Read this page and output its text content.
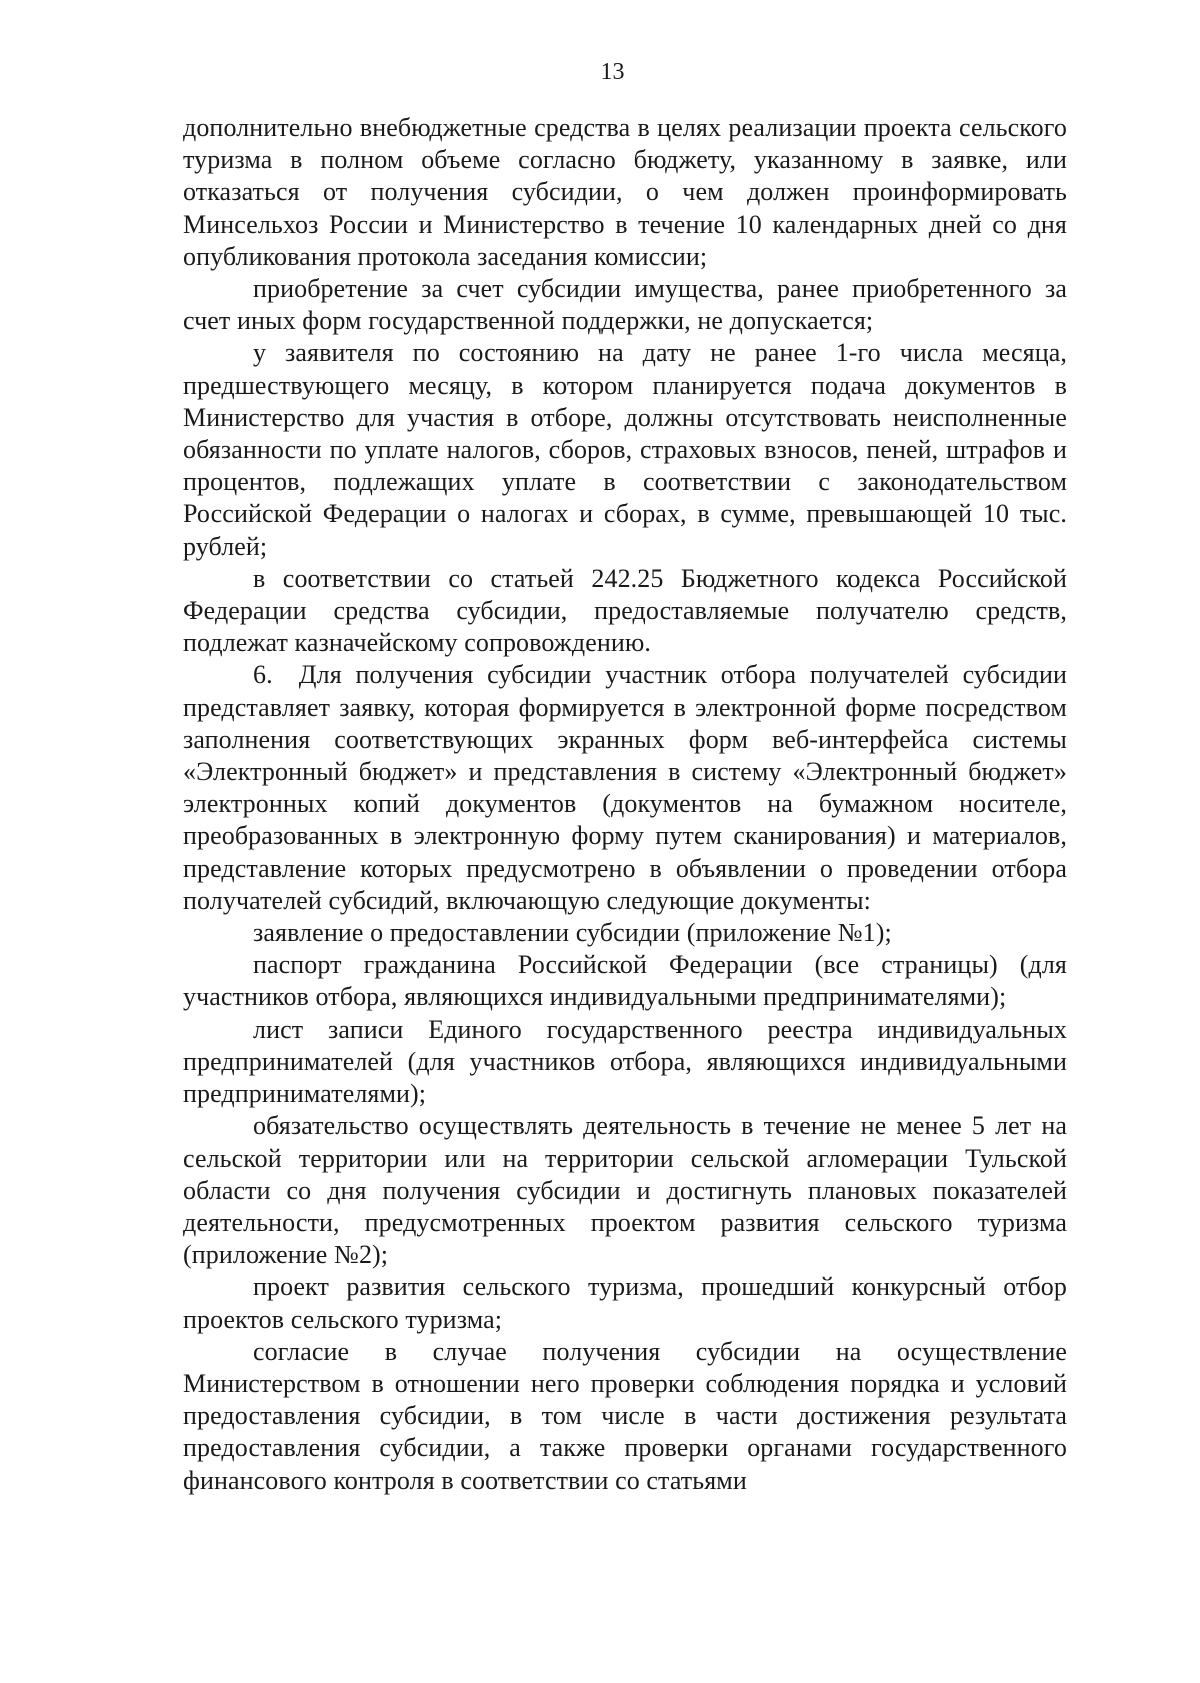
13

дополнительно внебюджетные средства в целях реализации проекта сельского туризма в полном объеме согласно бюджету, указанному в заявке, или отказаться от получения субсидии, о чем должен проинформировать Минсельхоз России и Министерство в течение 10 календарных дней со дня опубликования протокола заседания комиссии;

приобретение за счет субсидии имущества, ранее приобретенного за счет иных форм государственной поддержки, не допускается;

у заявителя по состоянию на дату не ранее 1-го числа месяца, предшествующего месяцу, в котором планируется подача документов в Министерство для участия в отборе, должны отсутствовать неисполненные обязанности по уплате налогов, сборов, страховых взносов, пеней, штрафов и процентов, подлежащих уплате в соответствии с законодательством Российской Федерации о налогах и сборах, в сумме, превышающей 10 тыс. рублей;

в соответствии со статьей 242.25 Бюджетного кодекса Российской Федерации средства субсидии, предоставляемые получателю средств, подлежат казначейскому сопровождению.

6. Для получения субсидии участник отбора получателей субсидии представляет заявку, которая формируется в электронной форме посредством заполнения соответствующих экранных форм веб-интерфейса системы «Электронный бюджет» и представления в систему «Электронный бюджет» электронных копий документов (документов на бумажном носителе, преобразованных в электронную форму путем сканирования) и материалов, представление которых предусмотрено в объявлении о проведении отбора получателей субсидий, включающую следующие документы:

заявление о предоставлении субсидии (приложение №1);

паспорт гражданина Российской Федерации (все страницы) (для участников отбора, являющихся индивидуальными предпринимателями);

лист записи Единого государственного реестра индивидуальных предпринимателей (для участников отбора, являющихся индивидуальными предпринимателями);

обязательство осуществлять деятельность в течение не менее 5 лет на сельской территории или на территории сельской агломерации Тульской области со дня получения субсидии и достигнуть плановых показателей деятельности, предусмотренных проектом развития сельского туризма (приложение №2);

проект развития сельского туризма, прошедший конкурсный отбор проектов сельского туризма;

согласие в случае получения субсидии на осуществление Министерством в отношении него проверки соблюдения порядка и условий предоставления субсидии, в том числе в части достижения результата предоставления субсидии, а также проверки органами государственного финансового контроля в соответствии со статьями
